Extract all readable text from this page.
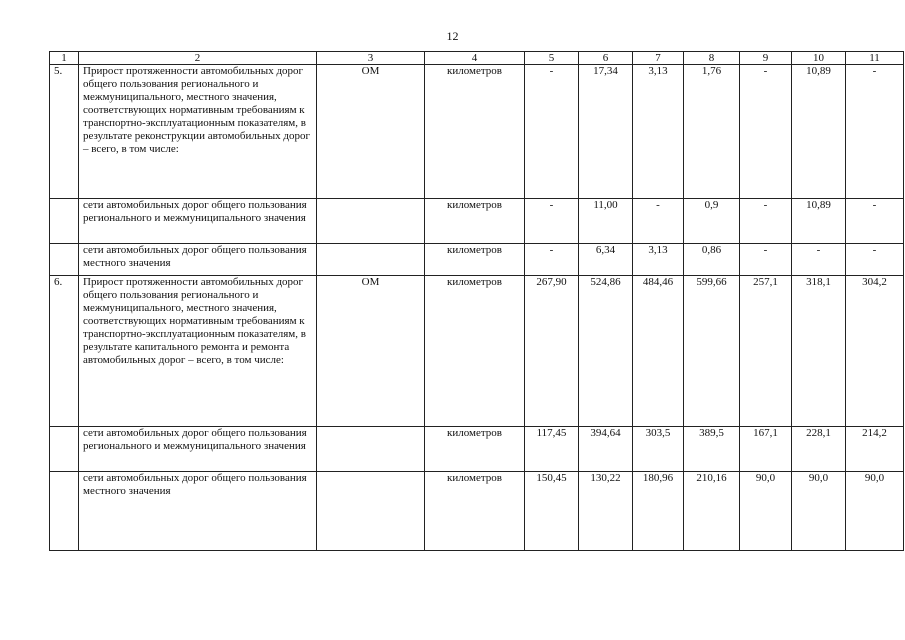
12
1	2	3	4	5	6	7	8	9	10	11
5.	Прирост протяженности автомобильных дорог общего пользования регионального и межмуниципального, местного значения, соответствующих нормативным требованиям к транспортно-эксплуатационным показателям, в результате реконструкции автомобильных дорог – всего, в том числе:	ОМ	километров	-	17,34	3,13	1,76	-	10,89	-
	сети автомобильных дорог общего пользования регионального и межмуниципального значения		километров	-	11,00	-	0,9	-	10,89	-
	сети автомобильных дорог общего пользования местного значения		километров	-	6,34	3,13	0,86	-	-	-
6.	Прирост протяженности автомобильных дорог общего пользования регионального и межмуниципального, местного значения, соответствующих нормативным требованиям к транспортно-эксплуатационным показателям, в результате капитального ремонта и ремонта автомобильных дорог – всего, в том числе:	ОМ	километров	267,90	524,86	484,46	599,66	257,1	318,1	304,2
	сети автомобильных дорог общего пользования регионального и межмуниципального значения		километров	117,45	394,64	303,5	389,5	167,1	228,1	214,2
	сети автомобильных дорог общего пользования местного значения		километров	150,45	130,22	180,96	210,16	90,0	90,0	90,0
